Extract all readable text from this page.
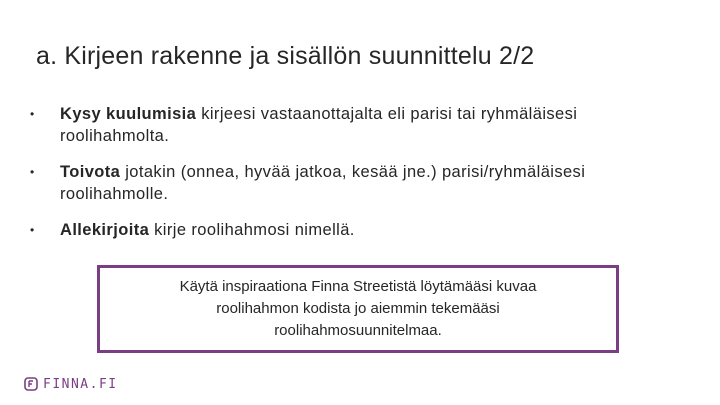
a. Kirjeen rakenne ja sisällön suunnittelu 2/2
• Kysy kuulumisia kirjeesi vastaanottajalta eli parisi tai ryhmäläisesi roolihahmolta.
• Toivota jotakin (onnea, hyvää jatkoa, kesää jne.) parisi/ryhmäläisesi roolihahmolle.
• Allekirjoita kirje roolihahmosi nimellä.
Käytä inspiraationa Finna Streetistä löytämääsi kuvaa roolihahmon kodista jo aiemmin tekemääsi roolihahmosuunnitelmaa.
FINNA.FI
